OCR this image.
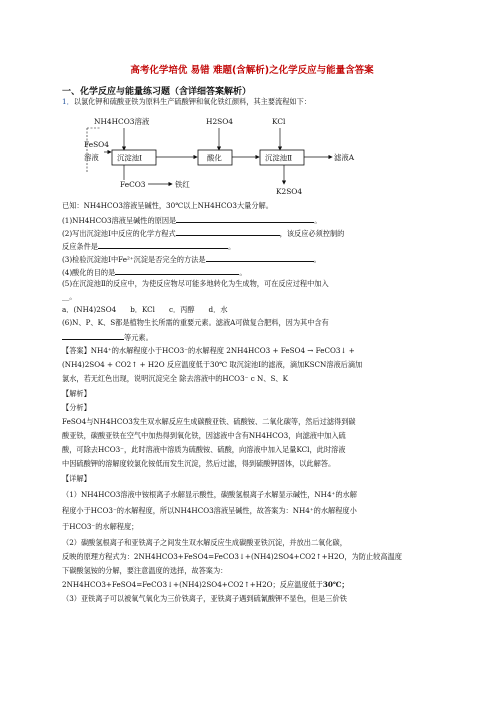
高考化学培优 易错 难题(含解析)之化学反应与能量含答案
一、化学反应与能量练习题（含详细答案解析）
1．以氯化钾和硫酸亚铁为原料生产硫酸钾和氧化铁红颜料，其主要流程如下：
NH4HCO3溶液	H2SO4	KCl
FeSO4
溶液 沉淀池Ⅰ	酸化	沉淀池Ⅱ	滤液A
FeCO3	铁红
K2SO4
已知：NH4HCO3溶液呈碱性，30℃以上NH4HCO3大量分解。
(1)NH4HCO3溶液呈碱性的原因是	。
(2)写出沉淀池Ⅰ中反应的化学方程式	，该反应必须控制的
反应条件是	。
(3)检验沉淀池Ⅰ中Fe²⁺沉淀是否完全的方法是	。
(4)酸化的目的是	。
(5)在沉淀池Ⅱ的反应中，为使反应物尽可能多地转化为生成物，可在反应过程中加入
__。
a．(NH4)2SO4 b．KCl c．丙醇 d．水
(6)N、P、K、S都是植物生长所需的重要元素。滤液A可做复合肥料，因为其中含有
等元素。
【答案】NH4⁺的水解程度小于HCO3⁻的水解程度 2NH4HCO3 + FeSO4 → FeCO3↓ +
(NH4)2SO4 + CO2↑ + H2O 反应温度低于30℃ 取沉淀池Ⅰ的滤液，滴加KSCN溶液后滴加
氯水，若无红色出现，说明沉淀完全 除去溶液中的HCO3⁻ c N、S、K
【解析】
【分析】
FeSO4与NH4HCO3发生双水解反应生成碳酸亚铁、硫酸铵、二氧化碳等，然后过滤得到碳
酸亚铁，碳酸亚铁在空气中加热得到氧化铁，因滤液中含有NH4HCO3，向滤液中加入硫
酸，可除去HCO3⁻，此时溶液中溶质为硫酸铵、硫酸，向溶液中加入足量KCl，此时溶液
中因硫酸钾的溶解度较氯化铵低而发生沉淀，然后过滤，得到硫酸钾固体，以此解答。
【详解】
（1）NH4HCO3溶液中铵根离子水解显示酸性，碳酸氢根离子水解显示碱性，NH4⁺的水解
程度小于HCO3⁻的水解程度，所以NH4HCO3溶液呈碱性，故答案为：NH4⁺的水解程度小
于HCO3⁻的水解程度；
（2）碳酸氢根离子和亚铁离子之间发生双水解反应生成碳酸亚铁沉淀，并放出二氧化碳，
反映的原理方程式为：2NH4HCO3+FeSO4=FeCO3↓+(NH4)2SO4+CO2↑+H2O，为防止较高温度
下碳酸氢铵的分解，要注意温度的选择，故答案为：
2NH4HCO3+FeSO4=FeCO3↓+(NH4)2SO4+CO2↑+H2O；反应温度低于30℃；
（3）亚铁离子可以被氧气氧化为三价铁离子，亚铁离子遇到硫氰酸钾不显色，但是三价铁
